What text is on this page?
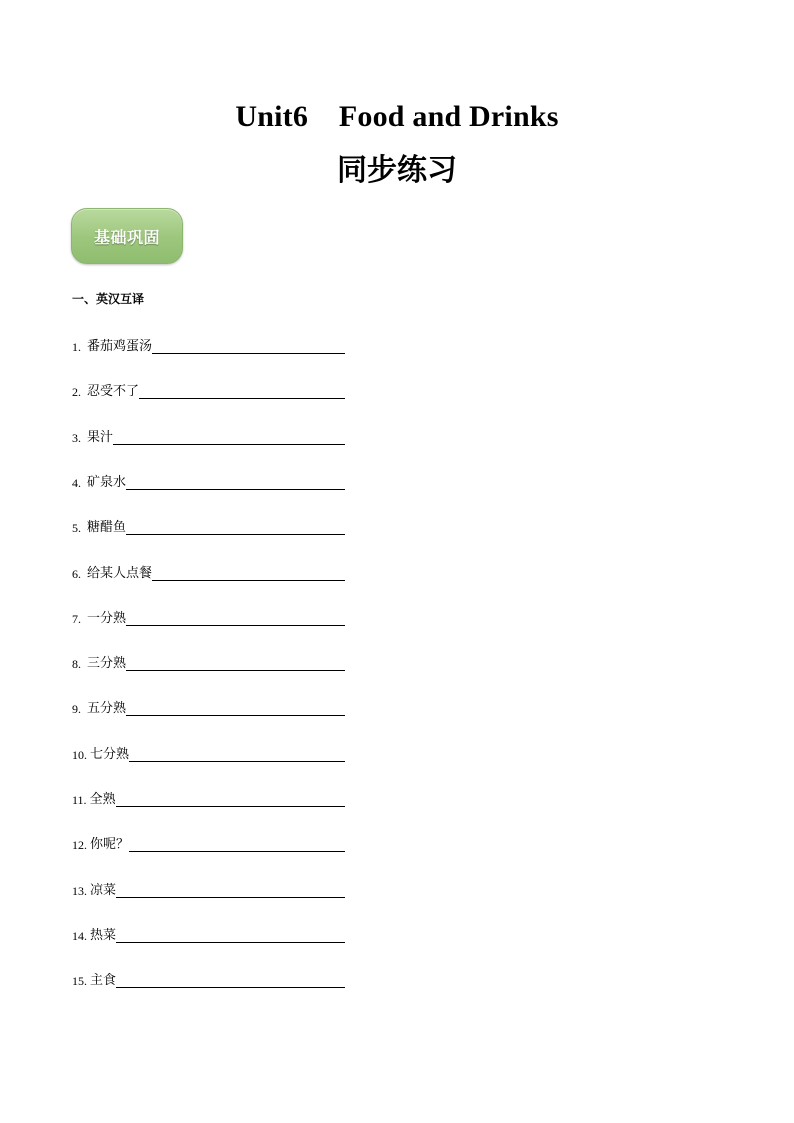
Unit6    Food and Drinks
同步练习
基础巩固
一、英汉互译
1. 番茄鸡蛋汤
2. 忍受不了
3. 果汁
4. 矿泉水
5. 糖醋鱼
6. 给某人点餐
7. 一分熟
8. 三分熟
9. 五分熟
10. 七分熟
11. 全熟
12. 你呢？
13. 凉菜
14. 热菜
15. 主食
